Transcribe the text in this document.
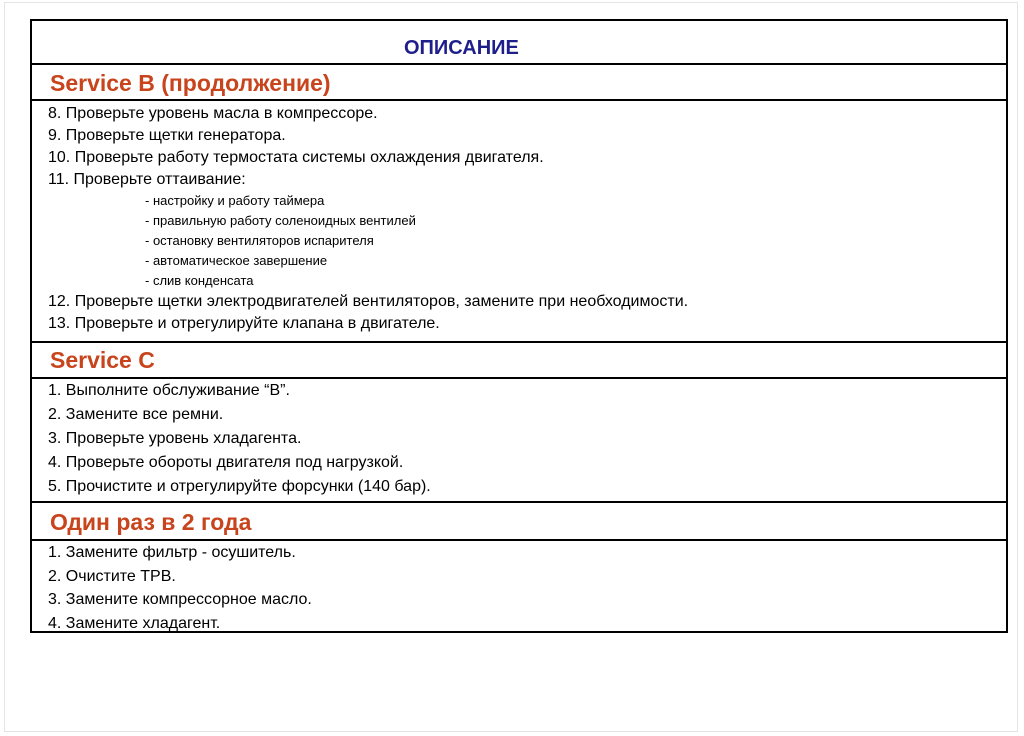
ОПИСАНИЕ
Service B (продолжение)
8. Проверьте уровень масла в компрессоре.
9. Проверьте щетки генератора.
10. Проверьте работу термостата системы охлаждения двигателя.
11. Проверьте оттаивание:
- настройку и работу таймера
- правильную работу соленоидных вентилей
- остановку вентиляторов испарителя
- автоматическое завершение
- слив конденсата
12. Проверьте щетки электродвигателей вентиляторов, замените при необходимости.
13. Проверьте и отрегулируйте клапана в двигателе.
Service C
1. Выполните обслуживание “B”.
2. Замените все ремни.
3. Проверьте уровень хладагента.
4. Проверьте обороты двигателя под нагрузкой.
5. Прочистите и отрегулируйте форсунки (140 бар).
Один раз в 2 года
1. Замените фильтр - осушитель.
2. Очистите TPB.
3. Замените компрессорное масло.
4. Замените хладагент.
